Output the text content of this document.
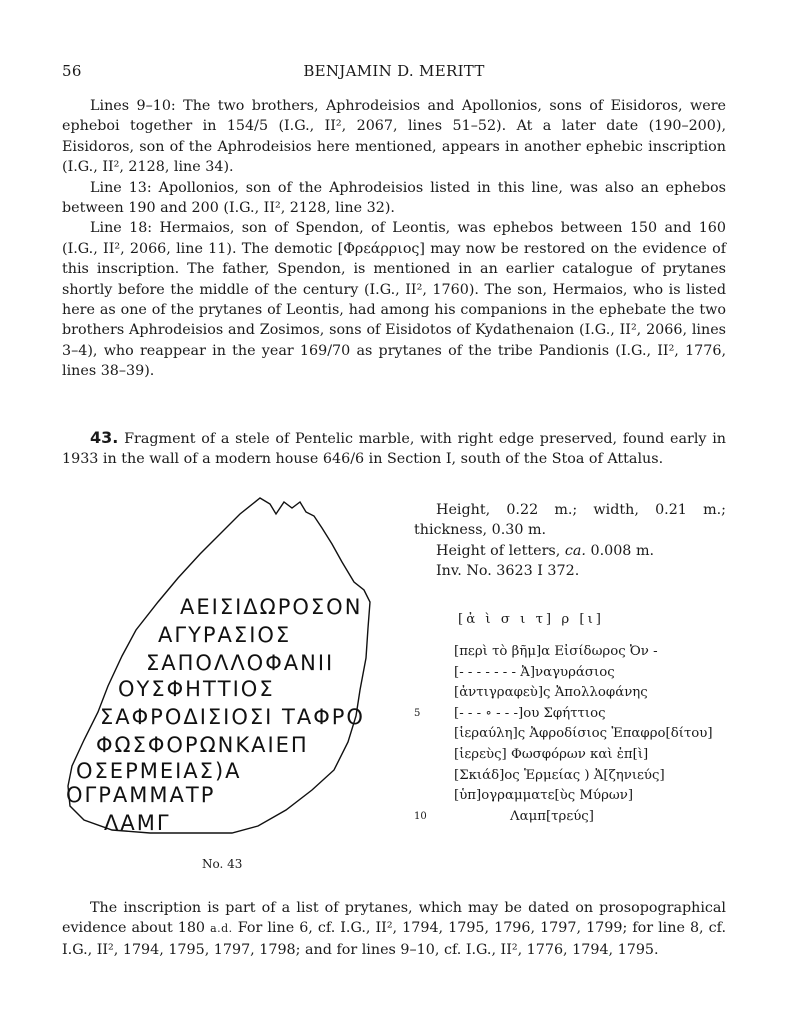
56	BENJAMIN D. MERITT

Lines 9–10: The two brothers, Aphrodeisios and Apollonios, sons of Eisidoros, were epheboi together in 154/5 (I.G., II², 2067, lines 51–52). At a later date (190–200), Eisidoros, son of the Aphrodeisios here mentioned, appears in another ephebic inscription (I.G., II², 2128, line 34).

Line 13: Apollonios, son of the Aphrodeisios listed in this line, was also an ephebos between 190 and 200 (I.G., II², 2128, line 32).

Line 18: Hermaios, son of Spendon, of Leontis, was ephebos between 150 and 160 (I.G., II², 2066, line 11). The demotic [Φρεάρριος] may now be restored on the evidence of this inscription. The father, Spendon, is mentioned in an earlier catalogue of prytanes shortly before the middle of the century (I.G., II², 1760). The son, Hermaios, who is listed here as one of the prytanes of Leontis, had among his companions in the ephebate the two brothers Aphrodeisios and Zosimos, sons of Eisidotos of Kydathenaion (I.G., II², 2066, lines 3–4), who reappear in the year 169/70 as prytanes of the tribe Pandionis (I.G., II², 1776, lines 38–39).

43. Fragment of a stele of Pentelic marble, with right edge preserved, found early in 1933 in the wall of a modern house 646/6 in Section Ι, south of the Stoa of Attalus.

ΑΕΙΣΙΔΩΡΟΣΟΝ
ΑΓΥΡΑΣΙΟΣ
ΣΑΠΟΛΛΟΦΑΝΙΙ
ΟΥΣΦΗΤΤΙΟΣ
ΣΑΦΡΟΔΙΣΙΟΣΙ ΤΑΦΡΟ
ΦΩΣΦΟΡΩΝΚΑΙΕΠ
ΟΣΕΡΜΕΙΑΣ)Α
ΟΓΡΑΜΜΑΤΡ
ΛΑΜΓ
No. 43

Height, 0.22 m.; width, 0.21 m.; thickness, 0.30 m.

Height of letters, ca. 0.008 m.

Inv. No. 3623 I 372.

[ἀ ὶ σ ι τ] ρ [ι]
[περὶ τὸ βῆμ]α Εἰσίδωρος Ὀν -
[- - - - - - - Ἀ]ναγυράσιος
[ἀντιγραφεὺ]ς Ἀπολλοφάνης
5	[- - - ∘ - - -]ου Σφήττιος
[ἱεραύλη]ς Ἀφροδίσιος Ἐπαφρο[δίτου]
[ἱερεὺς] Φωσφόρων καὶ ἐπ[ὶ]
[Σκιάδ]ος Ἑρμείας ) Ἀ[ζηνιεύς]
[ὑπ]ογραμματε[ὺς Μύρων]
10	Λαμπ[τρεύς]

The inscription is part of a list of prytanes, which may be dated on prosopographical evidence about 180 a.d. For line 6, cf. I.G., II², 1794, 1795, 1796, 1797, 1799; for line 8, cf. I.G., II², 1794, 1795, 1797, 1798; and for lines 9–10, cf. I.G., II², 1776, 1794, 1795.
